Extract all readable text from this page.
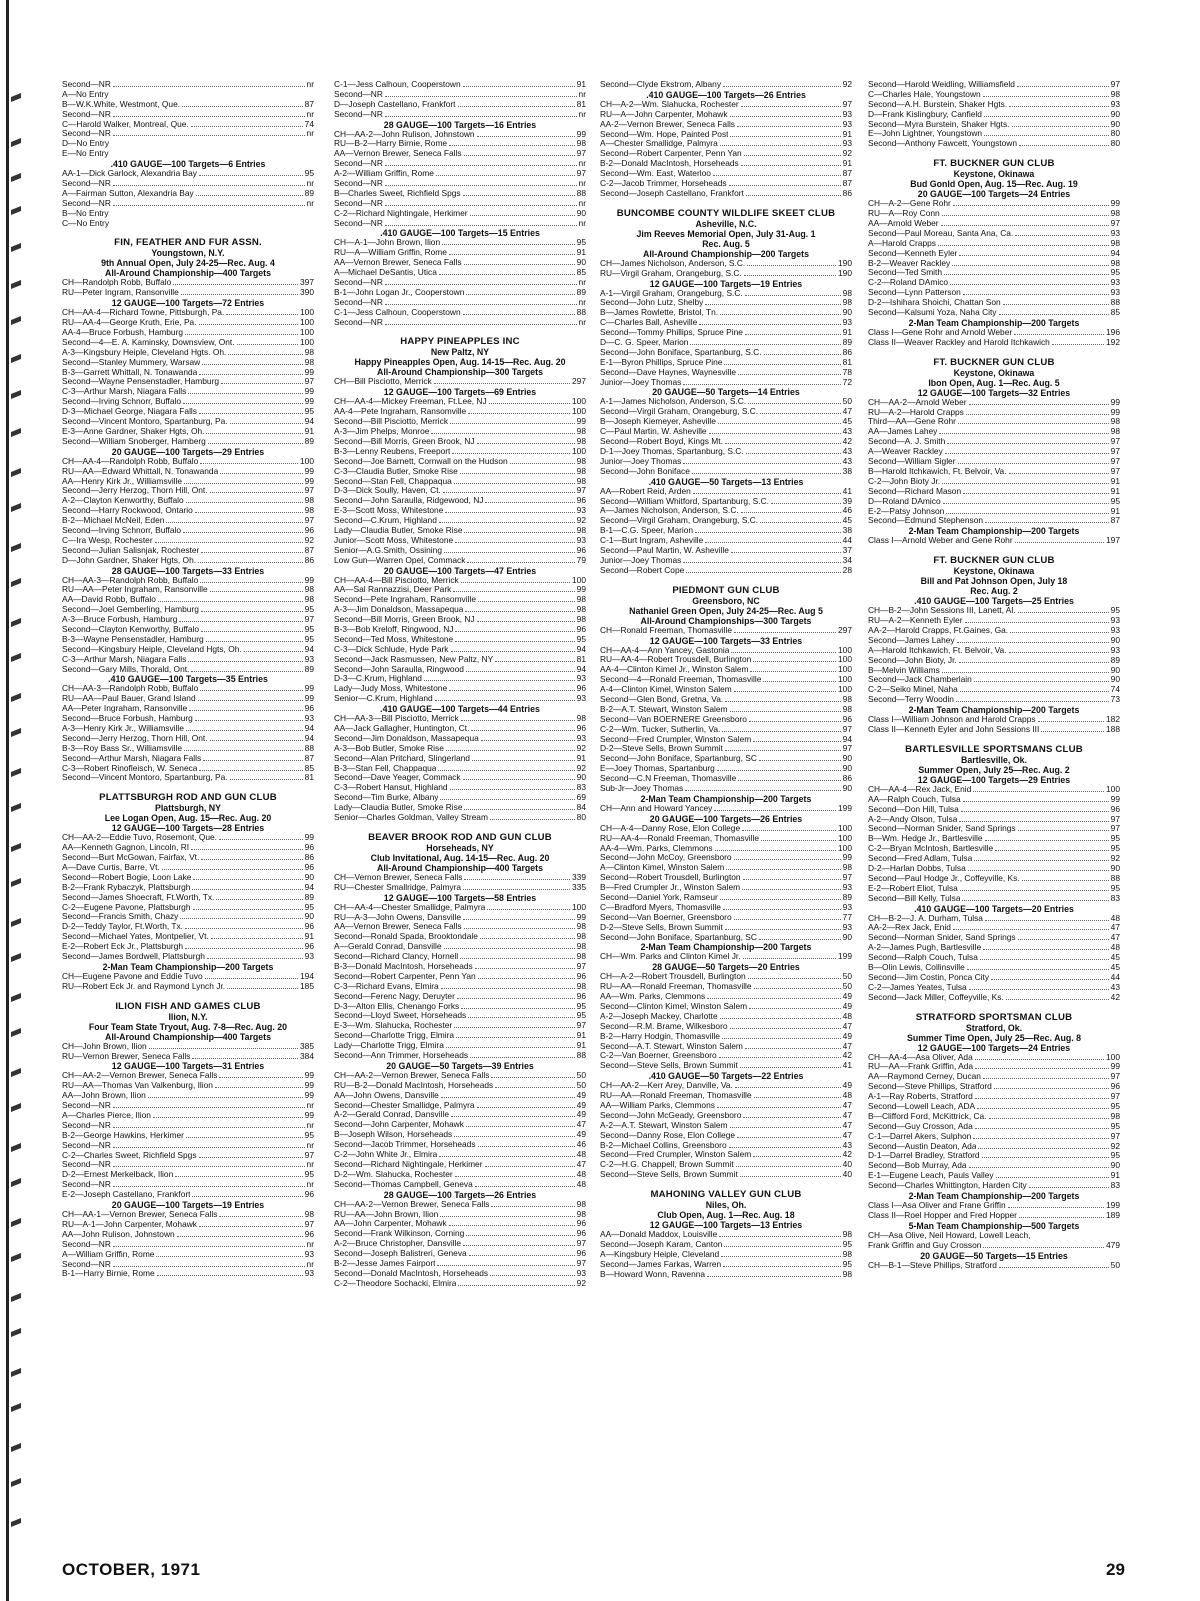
Second—NR	nr
A—No Entry
B—W.K.White, Westmont, Que.	87
Second—NR	nr
C—Harold Walker, Montreal, Que.	74
Second—NR	nr
D—No Entry
E—No Entry
.410 GAUGE—100 Targets—6 Entries
AA-1—Dick Garlock, Alexandria Bay	95
Second—NR	nr
A—Fairman Sutton, Alexandria Bay	89
Second—NR	nr
B—No Entry
C—No Entry
FIN, FEATHER AND FUR ASSN.
Youngstown, N.Y.
9th Annual Open, July 24-25—Rec. Aug. 4
All-Around Championship—400 Targets
CH—Randolph Robb, Buffalo	397
RU—Peter Ingram, Ransonville	390
12 GAUGE—100 Targets—72 Entries
CH—AA-4—Richard Towne, Pittsburgh, Pa.	100
RU—AA-4—George Kruth, Erie, Pa.	100
AA-4—Bruce Forbush, Hamburg	100
Second—4—E. A. Kaminsky, Downsview, Ont.	100
A-3—Kingsbury Heiple, Cleveland Hgts. Oh.	98
Second—Stanley Mummery, Warsaw	98
B-3—Garrett Whittall, N. Tonawanda	99
Second—Wayne Pensenstadler, Hamburg	97
C-3—Arthur Marsh, Niagara Falls	99
Second—Irving Schnorr, Buffalo	99
D-3—Michael George, Niagara Falls	95
Second—Vincent Montoro, Spartanburg, Pa.	94
E-3—Anne Gardner, Shaker Hgts, Oh.	91
Second—William Snoberger, Hamberg	89
20 GAUGE—100 Targets—29 Entries
CH—AA-4—Randolph Robb, Buffalo	100
RU—AA—Edward Whittall, N. Tonawanda	99
AA—Henry Kirk Jr., Williamsville	99
Second—Jerry Herzog, Thorn Hill, Ont.	97
A-2—Clayton Kenworthy, Buffalo	98
Second—Harry Rockwood, Ontario	98
B-2—Michael McNeil, Eden	97
Second—Irving Schnorr, Buffalo	96
C—Ira Wesp, Rochester	92
Second—Julian Salisnjak, Rochester	87
D—John Gardner, Shaker Hgts, Oh.	86
28 GAUGE—100 Targets—33 Entries
CH—AA-3—Randolph Robb, Buffalo	99
RU—AA—Peter Ingraham, Ransonville	98
AA—David Robb, Buffalo	98
Second—Joel Gemberling, Hamburg	95
A-3—Bruce Forbush, Hamburg	97
Second—Clayton Kenworthy, Buffalo	95
B-3—Wayne Pensenstadler, Hamburg	95
Second—Kingsbury Heiple, Cleveland Hgts, Oh.	94
C-3—Arthur Marsh, Niagara Falls	93
Second—Gary Mills, Thorald, Ont.	89
.410 GAUGE—100 Targets—35 Entries
CH—AA-3—Randolph Robb, Buffalo	99
RU—AA—Paul Bauer, Grand Island	99
AA—Peter Ingraham, Ransonville	96
Second—Bruce Forbush, Hamburg	93
A-3—Henry Kirk Jr., Williamsville	94
Second—Jerry Herzog, Thorn Hill, Ont.	94
B-3—Roy Bass Sr., Williamsville	88
Second—Arthur Marsh, Niagara Falls	87
C-3—Robert Rinofleisch, W. Seneca	85
Second—Vincent Montoro, Spartanburg, Pa.	81
PLATTSBURGH ROD AND GUN CLUB
Plattsburgh, NY
Lee Logan Open, Aug. 15—Rec. Aug. 20
12 GAUGE—100 Targets—28 Entries
CH—AA-2—Eddie Tuvo, Rosemont, Que.	99
AA—Kenneth Gagnon, Lincoln, RI	96
Second—Burt McGowan, Fairfax, Vt.	86
A—Dave Curtis, Barre, Vt.	96
Second—Robert Bogie, Loon Lake	90
B-2—Frank Rybaczyk, Plattsburgh	94
Second—James Shoecraft, Ft.Worth, Tx.	89
C-2—Eugene Pavone, Plattsburgh	95
Second—Francis Smith, Chazy	90
D-2—Teddy Taylor, Ft.Worth, Tx.	96
Second—Michael Yates, Montpelier, Vt.	91
E-2—Robert Eck Jr., Plattsburgh	96
Second—James Bordwell, Plattsburgh	93
2-Man Team Championship—200 Targets
CH—Eugene Pavone and Eddie Tuvo	194
RU—Robert Eck Jr. and Raymond Lynch Jr.	185
ILION FISH AND GAMES CLUB
Ilion, N.Y.
Four Team State Tryout, Aug. 7-8—Rec. Aug. 20
All-Around Championship—400 Targets
CH—John Brown, Ilion	385
RU—Vernon Brewer, Seneca Falls	384
12 GAUGE—100 Targets—31 Entries
CH—AA-2—Vernon Brewer, Seneca Falls	99
RU—AA—Thomas Van Valkenburg, Ilion	99
AA—John Brown, Ilion	99
Second—NR	nr
A—Charles Pierce, Ilion	99
Second—NR	nr
B-2—George Hawkins, Herkimer	95
Second—NR	nr
C-2—Charles Sweet, Richfield Spgs	97
Second—NR	nr
D-2—Ernest Merkelback, Ilion	95
Second—NR	nr
E-2—Joseph Castellano, Frankfort	96
20 GAUGE—100 Targets—19 Entries
CH—AA-1—Vernon Brewer, Seneca Falls	98
RU—A-1—John Carpenter, Mohawk	97
AA—John Rulison, Johnstown	96
Second—NR	nr
A—William Griffin, Rome	93
Second—NR	nr
B-1—Harry Birnie, Rome	93
C-1—Jess Calhoun, Cooperstown	91
Second—NR	nr
D—Joseph Castellano, Frankfort	81
Second—NR	nr
28 GAUGE—100 Targets—16 Entries
CH—AA-2—John Rulison, Johnstown	99
RU—B-2—Harry Birnie, Rome	98
AA—Vernon Brewer, Seneca Falls	97
Second—NR	nr
A-2—William Griffin, Rome	97
Second—NR	nr
B—Charles Sweet, Richfield Spgs	88
Second—NR	nr
C-2—Richard Nightingale, Herkimer	90
Second—NR	nr
.410 GAUGE—100 Targets—15 Entries
CH—A-1—John Brown, Ilion	95
RU—A—William Griffin, Rome	91
AA—Vernon Brewer, Seneca Falls	90
A—Michael DeSantis, Utica	85
Second—NR	nr
B-1—John Logan Jr., Cooperstown	89
Second—NR	nr
C-1—Jess Calhoun, Cooperstown	88
Second—NR	nr
HAPPY PINEAPPLES INC
New Paltz, NY
Happy Pineapples Open, Aug. 14-15—Rec. Aug. 20
All-Around Championship—300 Targets
CH—Bill Pisciotto, Merrick	297
12 GAUGE—100 Targets—69 Entries
CH—AA-4—Mickey Freeman, Ft.Lee, NJ	100
AA-4—Pete Ingraham, Ransomville	100
Second—Bill Pisciotto, Merrick	99
A-3—Jim Phelps, Monroe	98
Second—Bill Morris, Green Brook, NJ	98
B-3—Lenny Reubens, Freeport	100
Second—Joe Barnett, Cornwall on the Hudson	98
C-3—Claudia Butler, Smoke Rise	98
Second—Stan Fell, Chappaqua	98
D-3—Dick Soully, Haven, Ct.	97
Second—John Saraulla, Ridgewood, NJ	96
E-3—Scott Moss, Whitestone	93
Second—C.Krum, Highland	92
Lady—Claudia Butler, Smoke Rise	98
Junior—Scott Moss, Whitestone	93
Senior—A.G.Smith, Ossining	96
Low Gun—Warren Opel, Commack	79
20 GAUGE—100 Targets—47 Entries
CH—AA-4—Bill Pisciotto, Merrick	100
AA—Sal Rannazzisi, Deer Park	99
Second—Pete Ingraham, Ransomville	98
A-3—Jim Donaldson, Massapequa	98
Second—Bill Morris, Green Brook, NJ	98
B-3—Bob Kreloff, Ringwood, NJ	96
Second—Ted Moss, Whitestone	95
C-3—Dick Schlude, Hyde Park	94
Second—Jack Rasmussen, New Paltz, NY	81
Second—John Saraulla, Ringwood	94
D-3—C.Krum, Highland	93
Lady—Judy Moss, Whitestone	96
Senior—C.Krum, Highland	93
.410 GAUGE—100 Targets—44 Entries
CH—AA-3—Bill Pisciotto, Merrick	98
AA—Jack Gallagher, Huntington, Ct.	96
Second—Jim Donaldson, Massapequa	93
A-3—Bob Butler, Smoke Rise	92
Second—Alan Pritchard, Slingerland	91
B-3—Stan Fell, Chappaqua	92
Second—Dave Yeager, Commack	90
C-3—Robert Hansut, Highland	83
Second—Tim Burke, Albany	69
Lady—Claudia Butler, Smoke Rise	84
Senior—Charles Goldman, Valley Stream	80
BEAVER BROOK ROD AND GUN CLUB
Horseheads, NY
Club Invitational, Aug. 14-15—Rec. Aug. 20
All-Around Championship—400 Targets
CH—Vernon Brewer, Seneca Falls	339
RU—Chester Smallridge, Palmyra	335
12 GAUGE—100 Targets—58 Entries
CH—AA-4—Chester Smallidge, Palmyra	100
RU—A-3—John Owens, Dansville	99
AA—Vernon Brewer, Seneca Falls	98
Second—Ronald Spada, Brooktondale	98
A—Gerald Conrad, Dansville	98
Second—Richard Clancy, Hornell	98
B-3—Donald MacIntosh, Horseheads	97
Second—Robert Carpenter, Penn Yan	96
C-3—Richard Evans, Elmira	98
Second—Ferenc Nagy, Deruyter	96
D-3—Alton Ellis, Chenango Forks	95
Second—Lloyd Sweet, Horseheads	95
E-3—Wm. Slahucka, Rochester	97
Second—Charlotte Trigg, Elmira	91
Lady—Charlotte Trigg, Elmira	91
Second—Ann Trimmer, Horseheads	88
20 GAUGE—50 Targets—39 Entries
CH—AA-2—Vernon Brewer, Seneca Falls	50
RU—B-2—Donald MacIntosh, Horseheads	50
AA—John Owens, Dansville	49
Second—Chester Smallidge, Palmyra	49
A-2—Gerald Conrad, Dansville	49
Second—John Carpenter, Mohawk	47
B—Joseph Wilson, Horseheads	49
Second—Jacob Trimmer, Horseheads	46
C-2—John White Jr., Elmira	48
Second—Richard Nightingale, Herkimer	47
D-2—Wm. Slahucka, Rochester	48
Second—Thomas Campbell, Geneva	48
28 GAUGE—100 Targets—26 Entries
CH—AA-2—Vernon Brewer, Seneca Falls	98
RU—AA—John Brown, Ilion	98
AA—John Carpenter, Mohawk	96
Second—Frank Wilkinson, Corning	96
A-2—Bruce Christopher, Dansville	97
Second—Joseph Balistreri, Geneva	96
B-2—Jesse James Fairport	97
Second—Donald MacIntosh, Horseheads	93
C-2—Theodore Sochacki, Elmira	92
Second—Clyde Ekstrom, Albany	92
.410 GAUGE—100 Targets—26 Entries
CH—A-2—Wm. Slahucka, Rochester	97
RU—A—John Carpenter, Mohawk	93
AA-2—Vernon Brewer, Seneca Falls	93
Second—Wm. Hope, Painted Post	91
A—Chester Smallidge, Palmyra	93
Second—Robert Carpenter, Penn Yan	92
B-2—Donald MacIntosh, Horseheads	91
Second—Wm. East, Waterloo	87
C-2—Jacob Trimmer, Horseheads	87
Second—Joseph Castellano, Frankfort	86
BUNCOMBE COUNTY WILDLIFE SKEET CLUB
Asheville, N.C.
Jim Reeves Memorial Open, July 31-Aug. 1
Rec. Aug. 5
All-Around Championship—200 Targets
CH—James Nicholson, Anderson, S.C.	190
RU—Virgil Graham, Orangeburg, S.C.	190
12 GAUGE—100 Targets—19 Entries
A-1—Virgil Graham, Orangeburg, S.C.	98
Second—John Lutz, Shelby	98
B—James Rowlette, Bristol, Tn.	90
C—Charles Ball, Asheville	93
Second—Tommy Phillips, Spruce Pine	91
D—C. G. Speer, Marion	89
Second—John Boniface, Spartanburg, S.C.	86
E-1—Byron Phillips, Spruce Pine	81
Second—Dave Haynes, Waynesville	78
Junior—Joey Thomas	72
20 GAUGE—50 Targets—14 Entries
A-1—James Nicholson, Anderson, S.C.	50
Second—Virgil Graham, Orangeburg, S.C.	47
B—Joseph Kiemeyer, Asheville	45
C—Paul Martin, W. Asheville	43
Second—Robert Boyd, Kings Mt.	42
D-1—Joey Thomas, Spartanburg, S.C.	43
Junior—Joey Thomas	43
Second—John Boniface	38
.410 GAUGE—50 Targets—13 Entries
AA—Robert Reid, Arden	41
Second—William Whitford, Spartanburg, S.C.	39
A—James Nicholson, Anderson, S.C.	46
Second—Virgil Graham, Orangeburg, S.C.	45
B-1—C.G. Speer, Marion	38
C-1—Burt Ingram, Asheville	44
Second—Paul Martin, W. Asheville	37
Junior—Joey Thomas	34
Second—Robert Cope	28
PIEDMONT GUN CLUB
Greensboro, NC
Nathaniel Green Open, July 24-25—Rec. Aug 5
All-Around Championships—300 Targets
CH—Ronald Freeman, Thomasville	297
12 GAUGE—100 Targets—33 Entries
CH—AA-4—Ann Yancey, Gastonia	100
RU—AA-4—Robert Trousdell, Burlington	100
AA-4—Clinton Kimel Jr., Winston Salem	100
Second—4—Ronald Freeman, Thomasville	100
A-4—Clinton Kimel, Winston Salem	100
Second—Glen Bond, Gretna, Va.	98
B-2—A.T. Stewart, Winston Salem	98
Second—Van BOERNERE Greensboro	96
C-2—Wm. Tucker, Sutherlin, Va.	97
Second—Fred Crumpler, Winston Salem	94
D-2—Steve Sells, Brown Summit	97
Second—John Boniface, Spartanburg, SC	90
E—Joey Thomas, Spartanburg	90
Second—C.N Freeman, Thomasville	86
Sub-Jr—Joey Thomas	90
2-Man Team Championship—200 Targets
CH—Ann and Howard Yancey	199
20 GAUGE—100 Targets—26 Entries
CH—A-4—Danny Rose, Elon College	100
RU—AA-4—Ronald Freeman, Thomasville	100
AA-4—Wm. Parks, Clemmons	100
Second—John McCoy, Greensboro	99
A—Clinton Kimel, Winston Salem	98
Second—Robert Trousdell, Burlington	97
B—Fred Crumpler Jr., Winston Salem	93
Second—Daniel York, Ramseur	89
C—Bradford Myers, Thomasville	93
Second—Van Boerner, Greensboro	77
D-2—Steve Sells, Brown Summit	93
Second—John Boniface, Spartanburg, SC	90
2-Man Team Championship—200 Targets
CH—Wm. Parks and Clinton Kimel Jr.	199
28 GAUGE—50 Targets—20 Entries
CH—A-2—Robert Trousdell, Burlington	50
RU—AA—Ronald Freeman, Thomasville	50
AA—Wm. Parks, Clemmons	49
Second—Clinton Kimel, Winston Salem	49
A-2—Joseph Mackey, Charlotte	48
Second—R.M. Brame, Wilkesboro	47
B-2—Harry Hodgin, Thomasville	49
Second—A.T. Stewart, Winston Salem	47
C-2—Van Boerner, Greensboro	42
Second—Steve Sells, Brown Summit	41
.410 GAUGE—50 Targets—22 Entries
CH—AA-2—Kerr Arey, Danville, Va.	49
RU—AA—Ronald Freeman, Thomasville	48
AA—William Parks, Clemmons	47
Second—John McGeady, Greensboro	47
A-2—A.T. Stewart, Winston Salem	47
Second—Danny Rose, Elon College	47
B-2—Michael Collins, Greensboro	43
Second—Fred Crumpler, Winston Salem	42
C-2—H.G. Chappell, Brown Summit	40
Second—Steve Sells, Brown Summit	40
MAHONING VALLEY GUN CLUB
Niles, Oh.
Club Open, Aug. 1—Rec. Aug. 18
12 GAUGE—100 Targets—13 Entries
AA—Donald Maddox, Louisville	98
Second—Joseph Karam, Canton	95
A—Kingsbury Heiple, Cleveland	98
Second—James Farkas, Warren	95
B—Howard Wonn, Ravenna	98
Second—Harold Weidling, Williamsfield	97
C—Charles Hale, Youngstown	98
Second—A.H. Burstein, Shaker Hgts.	93
D—Frank Kislingbury, Canfield	90
Second—Myra Burstein, Shaker Hgts.	90
E—John Lightner, Youngstown	80
Second—Anthony Fawcett, Youngstown	80
FT. BUCKNER GUN CLUB
Keystone, Okinawa
Bud Gonld Open, Aug. 15—Rec. Aug. 19
20 GAUGE—100 Targets—24 Entries
CH—A-2—Gene Rohr	99
RU—A—Roy Conn	98
AA—Arnold Weber	97
Second—Paul Moreau, Santa Ana, Ca.	93
A—Harold Crapps	98
Second—Kenneth Eyler	94
B-2—Weaver Rackley	98
Second—Ted Smith	95
C-2—Roland DAmico	93
Second—Lynn Patterson	93
D-2—Ishihara Shoichi, Chattan Son	88
Second—Kalsumi Yoza, Naha City	85
2-Man Team Championship—200 Targets
Class I—Gene Rohr and Arnold Weber	196
Class II—Weaver Rackley and Harold Itchkawich	192
FT. BUCKNER GUN CLUB
Keystone, Okinawa
Ibon Open, Aug. 1—Rec. Aug. 5
12 GAUGE—100 Targets—32 Entries
CH—AA-2—Arnold Weber	99
RU—A-2—Harold Crapps	99
Third—AA—Gene Rohr	98
AA—James Lahey	98
Second—A. J. Smith	97
A—Weaver Rackley	97
Second—William Sigler	97
B—Harold Itchkawich, Ft. Belvoir, Va.	97
C-2—John Bioty Jr.	91
Second—Richard Mason	91
D—Roland DAmico	95
E-2—Patsy Johnson	91
Second—Edmund Stephenson	87
2-Man Team Championship—200 Targets
Class I—Arnold Weber and Gene Rohr	197
FT. BUCKNER GUN CLUB
Keystone, Okinawa
Bill and Pat Johnson Open, July 18
Rec. Aug. 2
.410 GAUGE—100 Targets—25 Entries
CH—B-2—John Sessions III, Lanett, Al.	95
RU—A-2—Kenneth Eyler	93
AA-2—Harold Crapps, Ft.Gaines, Ga.	93
Second—James Lahey	90
A—Harold Itchkawich, Ft. Belvoir, Va.	93
Second—John Bioty, Jr.	89
B—Melvin Williams	90
Second—Jack Chamberlain	90
C-2—Seiko Minel, Naha	74
Second—Terry Woodin	73
2-Man Team Championship—200 Targets
Class I—William Johnson and Harold Crapps	182
Class II—Kenneth Eyler and John Sessions III	188
BARTLESVILLE SPORTSMANS CLUB
Bartlesville, Ok.
Summer Open, July 25—Rec. Aug. 2
12 GAUGE—100 Targets—29 Entries
CH—AA-4—Rex Jack, Enid	100
AA—Ralph Couch, Tulsa	99
Second—Don Hill, Tulsa	96
A-2—Andy Olson, Tulsa	97
Second—Norman Snider, Sand Springs	97
B—Wm. Hedge Jr., Bartlesville	95
C-2—Bryan McIntosh, Bartlesville	95
Second—Fred Adlam, Tulsa	92
D-2—Harlan Dobbs, Tulsa	90
Second—Paul Hodge Jr., Coffeyville, Ks.	88
E-2—Robert Eliot, Tulsa	95
Second—Bill Kelly, Tulsa	83
.410 GAUGE—100 Targets—20 Entries
CH—B-2—J. A. Durham, Tulsa	48
AA-2—Rex Jack, Enid	47
Second—Norman Snider, Sand Springs	47
A-2—James Pugh, Bartlesville	48
Second—Ralph Couch, Tulsa	45
B—Olin Lewis, Collinsville	45
Second—Jim Costin, Ponca City	44
C-2—James Yeates, Tulsa	43
Second—Jack Miller, Coffeyville, Ks.	42
STRATFORD SPORTSMAN CLUB
Stratford, Ok.
Summer Time Open, July 25—Rec. Aug. 8
12 GAUGE—100 Targets—24 Entries
CH—AA-4—Asa Oliver, Ada	100
RU—AA—Frank Griffin, Ada	99
AA—Raymond Cerney, Ducan	97
Second—Steve Phillips, Stratford	96
A-1—Ray Roberts, Stratford	97
Second—Lowell Leach, ADA	95
B—Clifford Ford, McKittrick, Ca.	98
Second—Guy Crosson, Ada	95
C-1—Darrel Akers, Sulphon	97
Second—Austin Deaton, Ada	92
D-1—Darrel Bradley, Stratford	95
Second—Bob Murray, Ada	90
E-1—Eugene Leach, Pauls Valley	91
Second—Charles Whittington, Harden City	83
2-Man Team Championship—200 Targets
Class I—Asa Oliver and Frane Griffin	199
Class II—Roel Hopper and Fred Hopper	189
5-Man Team Championship—500 Targets
CH—Asa Olive, Neil Howard, Lowell Leach,
Frank Griffin and Guy Crosson	479
20 GAUGE—50 Targets—15 Entries
CH—B-1—Steve Phillips, Stratford	50
OCTOBER, 1971	29
